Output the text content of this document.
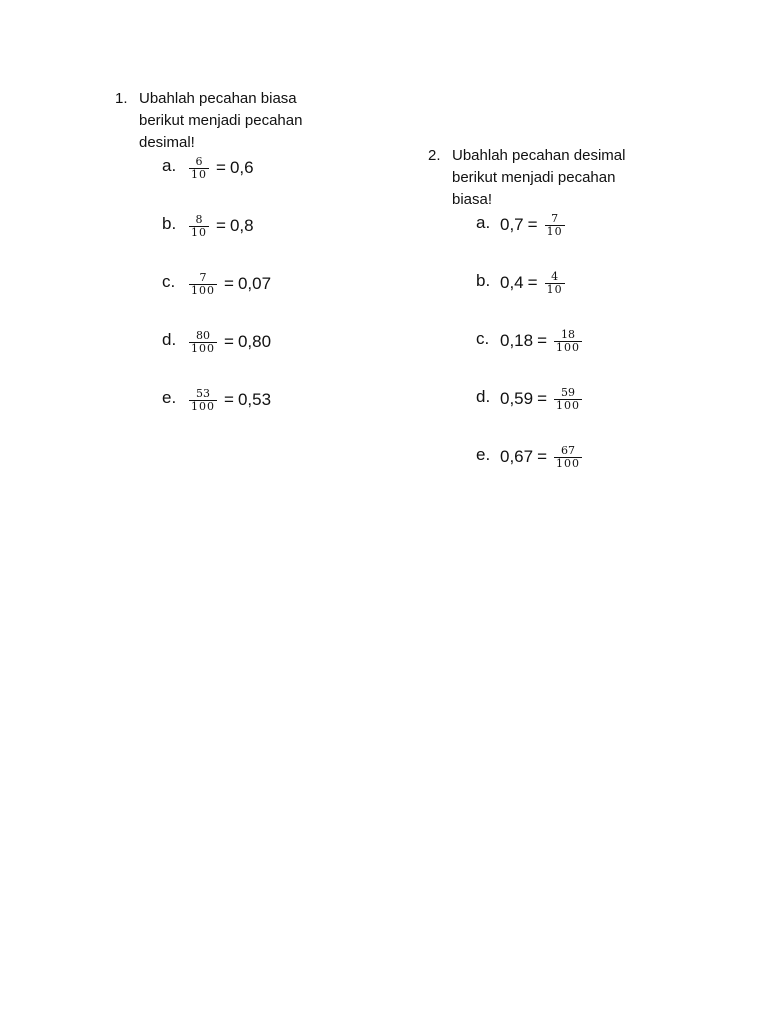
1. Ubahlah pecahan biasa berikut menjadi pecahan desimal!
a.	$\frac{6}{10} = 0,6$
b.	$\frac{8}{10} = 0,8$
c.	$\frac{7}{100} = 0,07$
d.	$\frac{80}{100} = 0,80$
e.	$\frac{53}{100} = 0,53$
2. Ubahlah pecahan desimal berikut menjadi pecahan biasa!
a. $0,7 = \frac{7}{10}$
b. $0,4 = \frac{4}{10}$
c. $0,18 = \frac{18}{100}$
d. $0,59 = \frac{59}{100}$
e. $0,67 = \frac{67}{100}$
